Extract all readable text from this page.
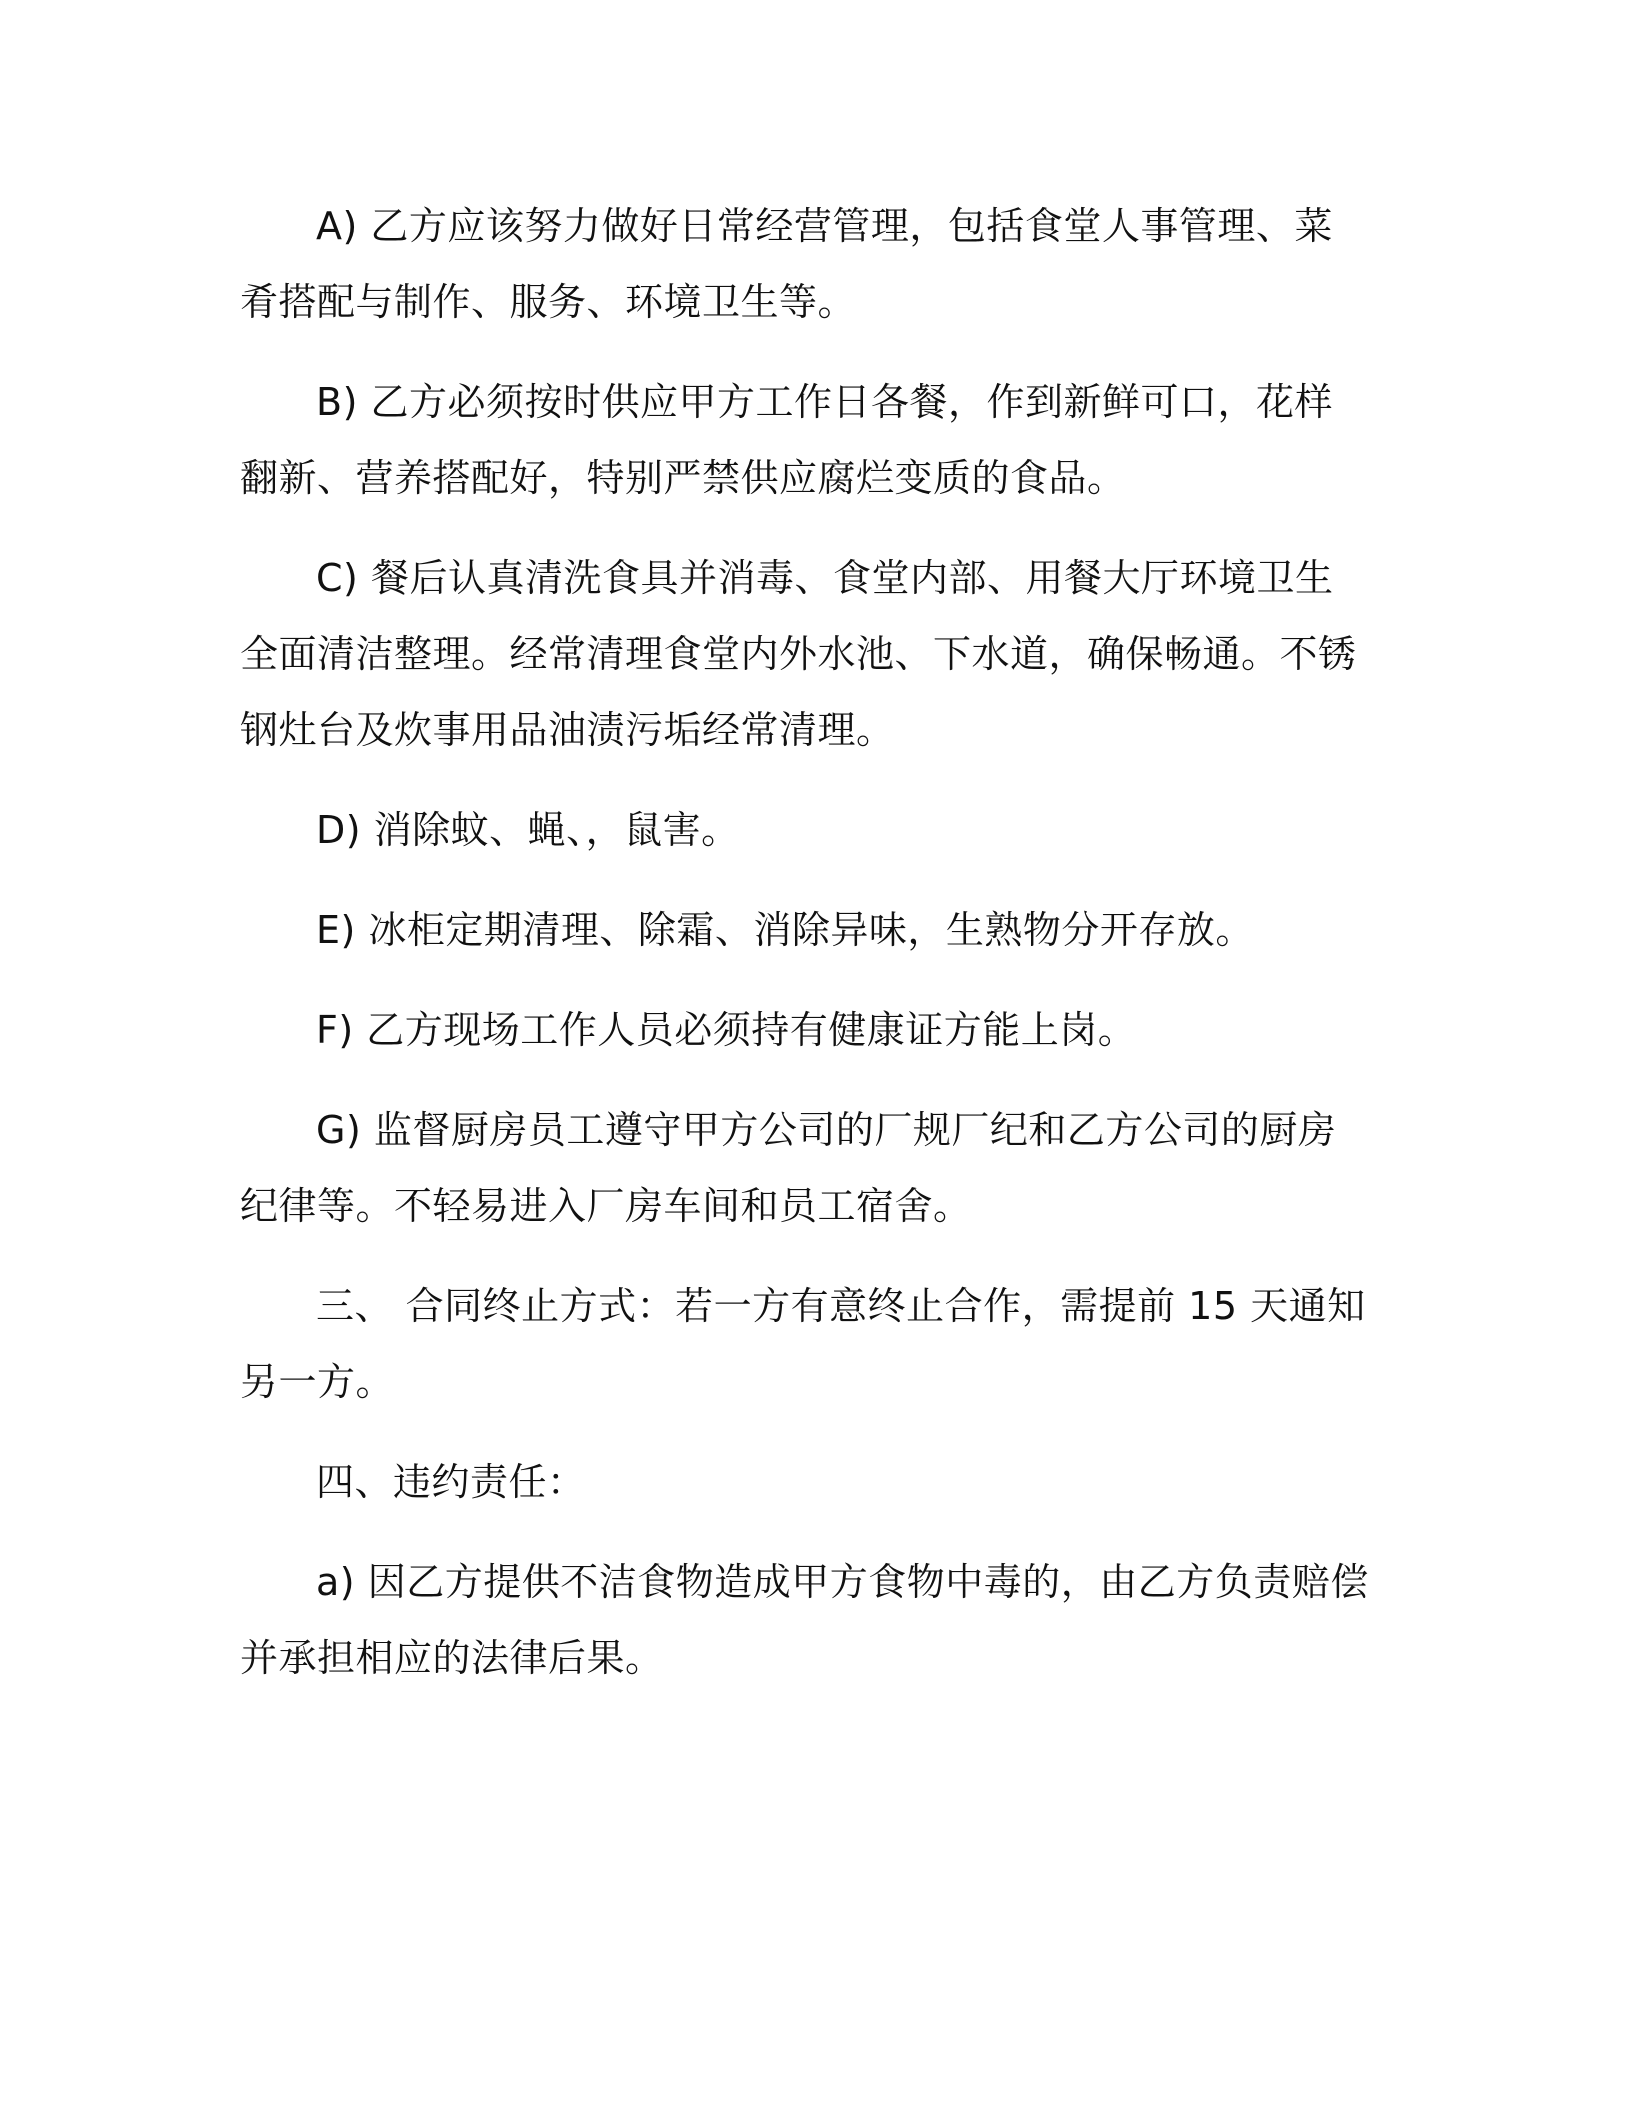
A) 乙方应该努力做好日常经营管理，包括食堂人事管理、菜肴搭配与制作、服务、环境卫生等。

B) 乙方必须按时供应甲方工作日各餐，作到新鲜可口，花样翻新、营养搭配好，特别严禁供应腐烂变质的食品。

C) 餐后认真清洗食具并消毒、食堂内部、用餐大厅环境卫生全面清洁整理。经常清理食堂内外水池、下水道，确保畅通。不锈钢灶台及炊事用品油渍污垢经常清理。

D) 消除蚊、蝇、，鼠害。

E) 冰柜定期清理、除霜、消除异味，生熟物分开存放。

F) 乙方现场工作人员必须持有健康证方能上岗。

G) 监督厨房员工遵守甲方公司的厂规厂纪和乙方公司的厨房纪律等。不轻易进入厂房车间和员工宿舍。

三、 合同终止方式：若一方有意终止合作，需提前 15 天通知另一方。

四、违约责任：

a) 因乙方提供不洁食物造成甲方食物中毒的，由乙方负责赔偿并承担相应的法律后果。
